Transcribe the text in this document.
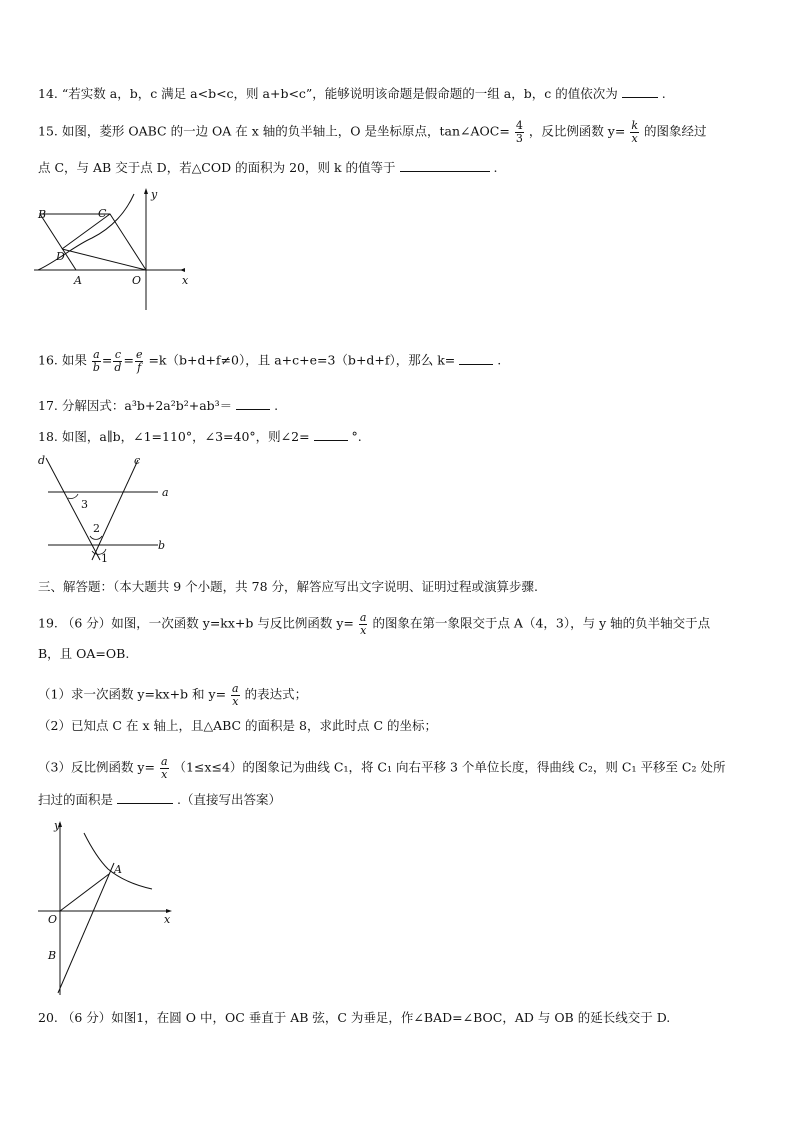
14. “若实数 a，b，c 满足 a<b<c，则 a+b<c”，能够说明该命题是假命题的一组 a，b，c 的值依次为	.
15. 如图，菱形 OABC 的一边 OA 在 x 轴的负半轴上，O 是坐标原点，tan∠AOC= $\frac{4}{3}$ ，反比例函数 $y= \frac{k}{x}$ 的图象经过
点 C，与 AB 交于点 D，若△COD 的面积为 20，则 k 的值等于	.
B	C
D
A	O	x
y
16. 如果 $\frac{a}{b} = \frac{c}{d} = \frac{e}{f} =k(b+d+f\ne 0)$，且 a+c+e=3（b+d+f），那么 k=	.
17. 分解因式：a³b+2a²b²+ab³＝	.
18. 如图，a∥b，∠1=110°，∠3=40°，则∠2=	°.
d	c
a
b
3
2
1
三、解答题：（本大题共 9 个小题，共 78 分，解答应写出文字说明、证明过程或演算步骤.
19. （6 分）如图，一次函数 y=kx+b 与反比例函数 $y= \frac{a}{x}$ 的图象在第一象限交于点 A（4，3），与 y 轴的负半轴交于点
B，且 OA=OB.
（1）求一次函数 y=kx+b 和 $y= \frac{a}{x}$ 的表达式；
（2）已知点 C 在 x 轴上，且△ABC 的面积是 8，求此时点 C 的坐标；
（3）反比例函数 $y= \frac{a}{x} (1\le x\le 4)$的图象记为曲线 C₁，将 C₁ 向右平移 3 个单位长度，得曲线 C₂，则 C₁ 平移至 C₂ 处所
扫过的面积是	.（直接写出答案）
y
x
A
O
B
20. （6 分）如图1，在圆 O 中，OC 垂直于 AB 弦，C 为垂足，作∠BAD=∠BOC，AD 与 OB 的延长线交于 D.
